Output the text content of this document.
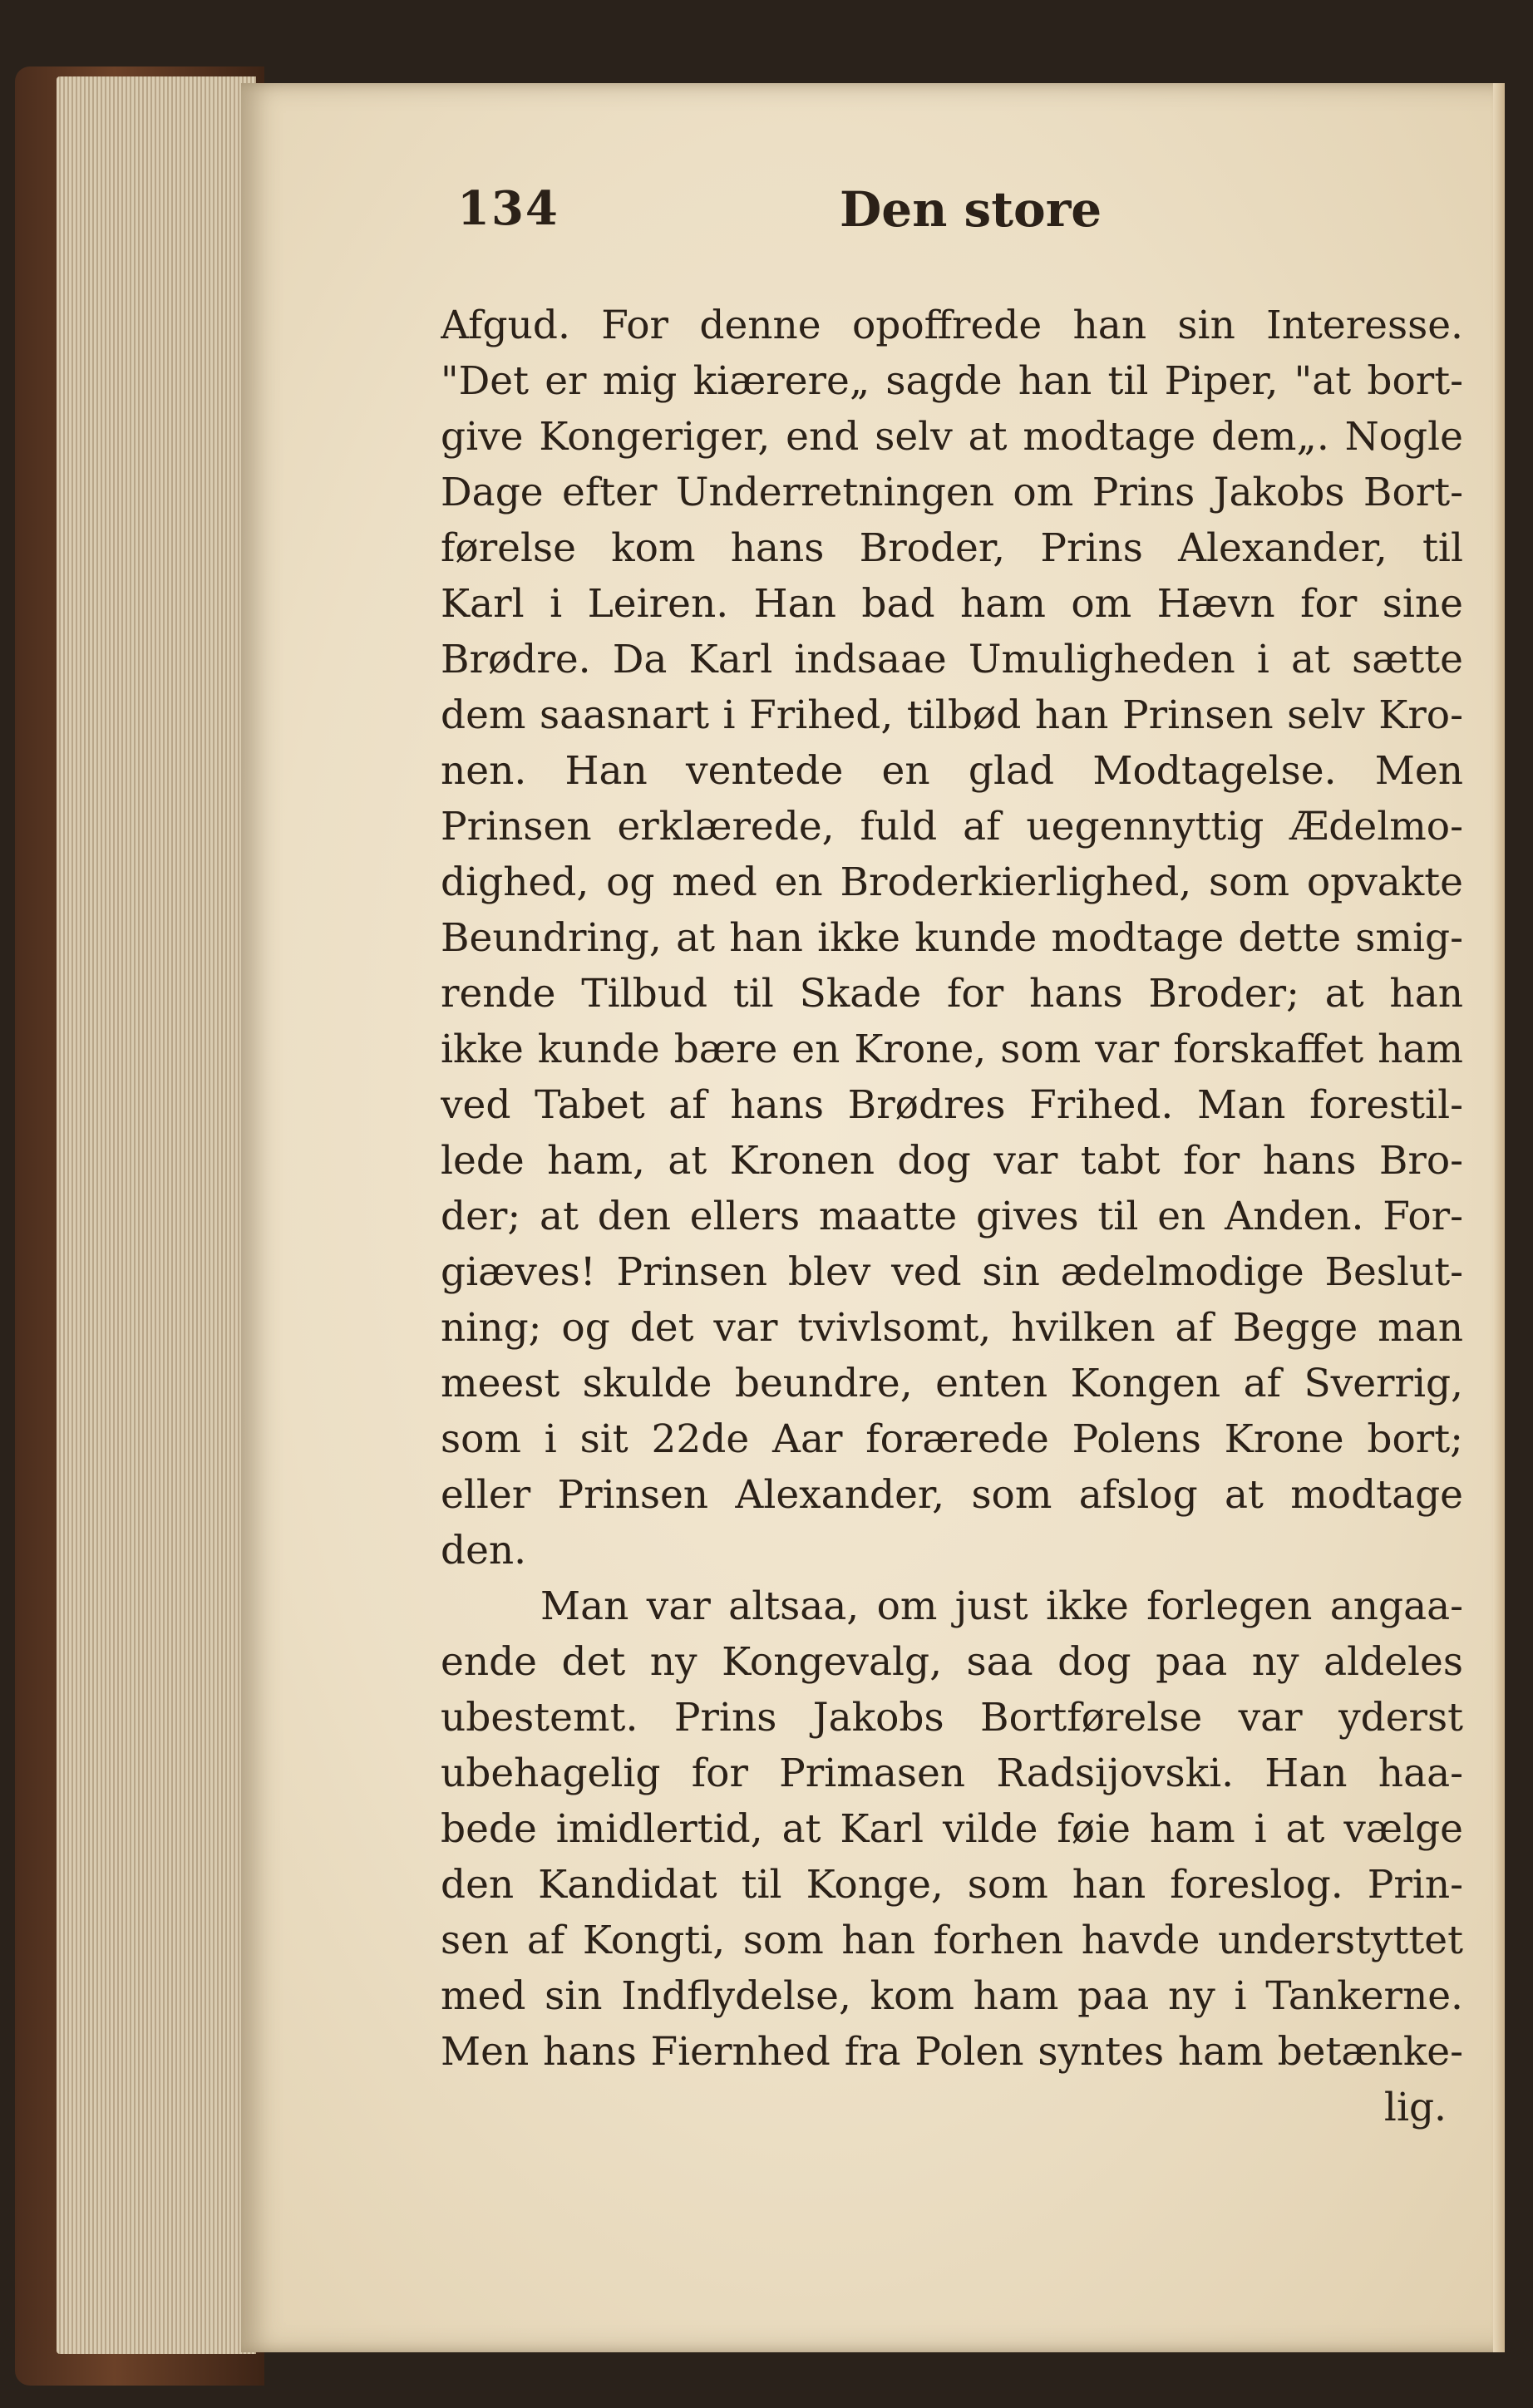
134	Den store
Afgud. For denne opoffrede han sin Interesse.
"Det er mig kiærere„ sagde han til Piper, "at bort-
give Kongeriger, end selv at modtage dem„. Nogle
Dage efter Underretningen om Prins Jakobs Bort-
førelse kom hans Broder, Prins Alexander, til
Karl i Leiren. Han bad ham om Hævn for sine
Brødre. Da Karl indsaae Umuligheden i at sætte
dem saasnart i Frihed, tilbød han Prinsen selv Kro-
nen. Han ventede en glad Modtagelse. Men
Prinsen erklærede, fuld af uegennyttig Ædelmo-
dighed, og med en Broderkierlighed, som opvakte
Beundring, at han ikke kunde modtage dette smig-
rende Tilbud til Skade for hans Broder; at han
ikke kunde bære en Krone, som var forskaffet ham
ved Tabet af hans Brødres Frihed. Man forestil-
lede ham, at Kronen dog var tabt for hans Bro-
der; at den ellers maatte gives til en Anden. For-
giæves! Prinsen blev ved sin ædelmodige Beslut-
ning; og det var tvivlsomt, hvilken af Begge man
meest skulde beundre, enten Kongen af Sverrig,
som i sit 22de Aar forærede Polens Krone bort;
eller Prinsen Alexander, som afslog at modtage
den.
Man var altsaa, om just ikke forlegen angaa-
ende det ny Kongevalg, saa dog paa ny aldeles
ubestemt. Prins Jakobs Bortførelse var yderst
ubehagelig for Primasen Radsijovski. Han haa-
bede imidlertid, at Karl vilde føie ham i at vælge
den Kandidat til Konge, som han foreslog. Prin-
sen af Kongti, som han forhen havde understyttet
med sin Indflydelse, kom ham paa ny i Tankerne.
Men hans Fiernhed fra Polen syntes ham betænke-
lig.
